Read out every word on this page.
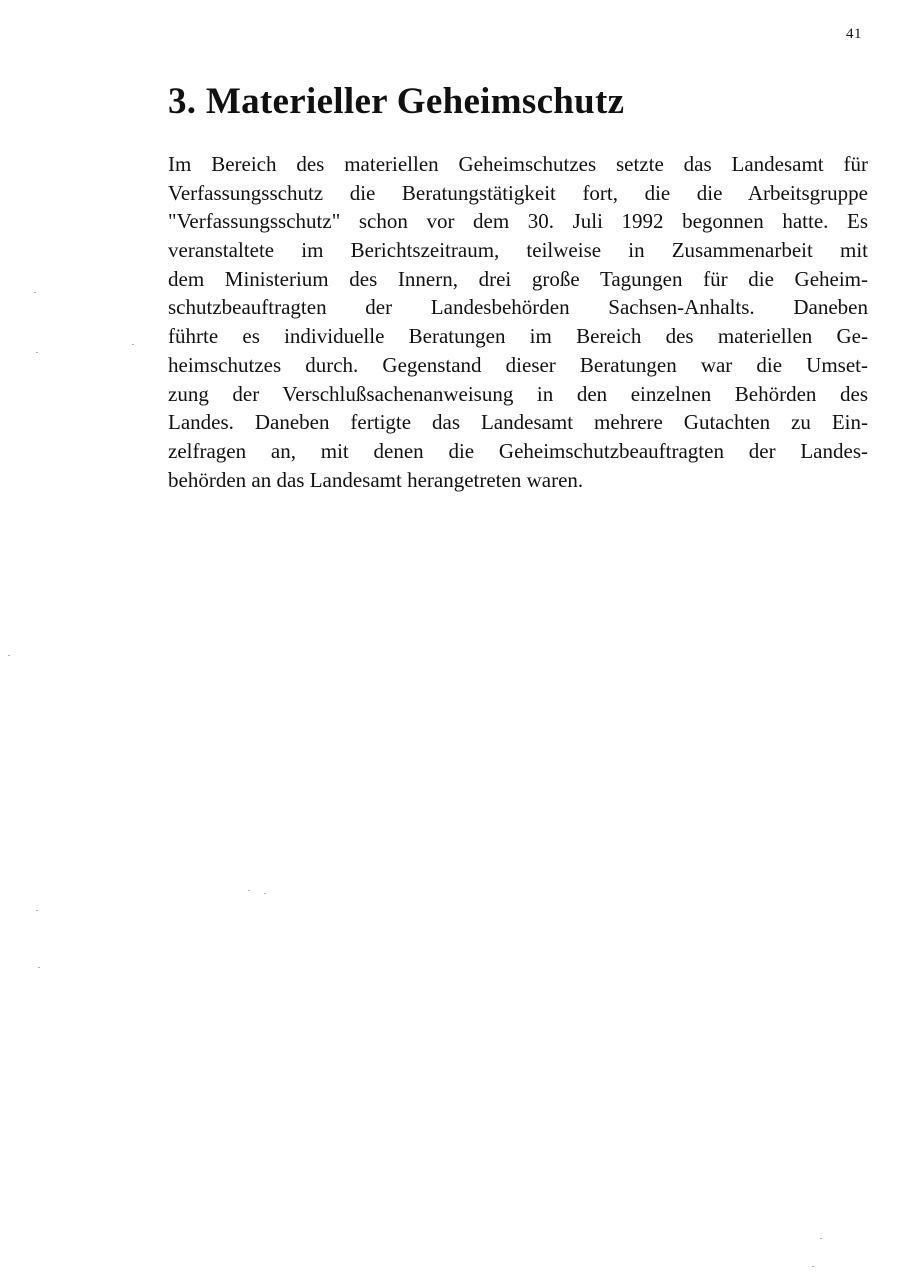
41
3. Materieller Geheimschutz
Im Bereich des materiellen Geheimschutzes setzte das Landesamt für
Verfassungsschutz die Beratungstätigkeit fort, die die Arbeitsgruppe
"Verfassungsschutz" schon vor dem 30. Juli 1992 begonnen hatte. Es
veranstaltete im Berichtszeitraum, teilweise in Zusammenarbeit mit
dem Ministerium des Innern, drei große Tagungen für die Geheim-
schutzbeauftragten der Landesbehörden Sachsen-Anhalts. Daneben
führte es individuelle Beratungen im Bereich des materiellen Ge-
heimschutzes durch. Gegenstand dieser Beratungen war die Umset-
zung der Verschlußsachenanweisung in den einzelnen Behörden des
Landes. Daneben fertigte das Landesamt mehrere Gutachten zu Ein-
zelfragen an, mit denen die Geheimschutzbeauftragten der Landes-
behörden an das Landesamt herangetreten waren.
